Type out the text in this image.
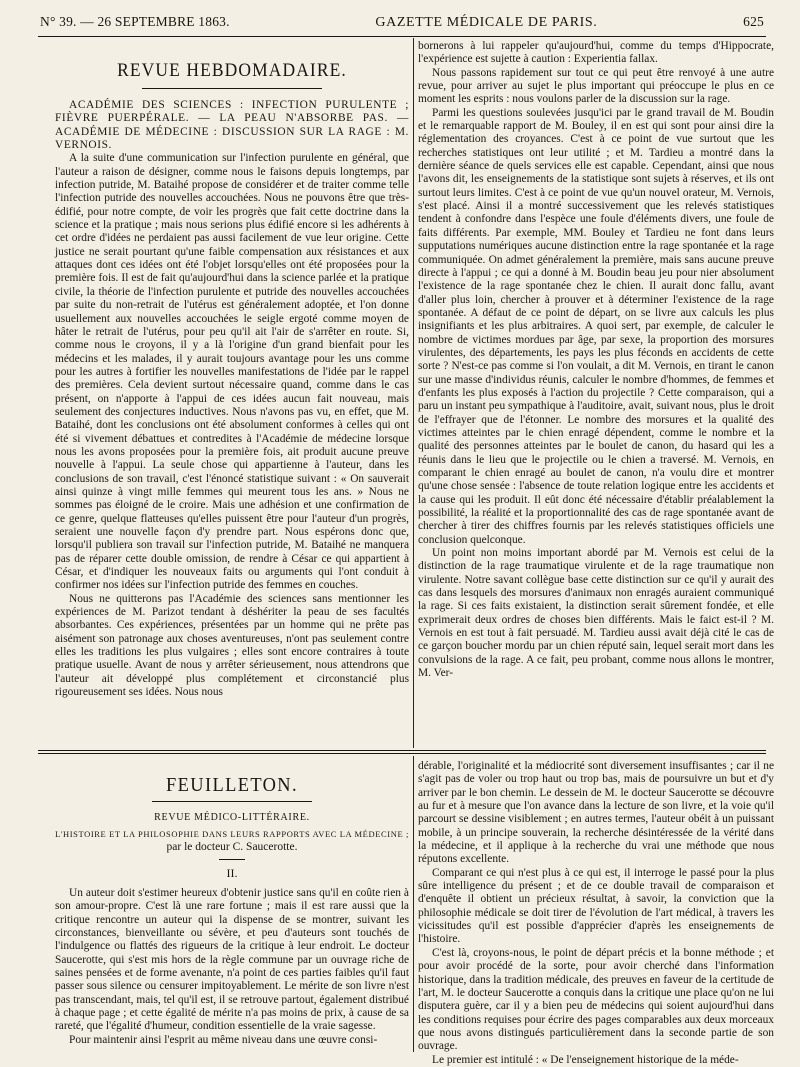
N° 39. — 26 SEPTEMBRE 1863.	GAZETTE MÉDICALE DE PARIS.	625
REVUE HEBDOMADAIRE.

ACADÉMIE DES SCIENCES : INFECTION PURULENTE ; FIÈVRE PUERPÉRALE. — LA PEAU N'ABSORBE PAS. — ACADÉMIE DE MÉDECINE : DISCUSSION SUR LA RAGE : M. VERNOIS.

A la suite d'une communication sur l'infection purulente en général, que l'auteur a raison de désigner, comme nous le faisons depuis longtemps, par infection putride, M. Bataihé propose de considérer et de traiter comme telle l'infection putride des nouvelles accouchées. Nous ne pouvons être que très-édifié, pour notre compte, de voir les progrès que fait cette doctrine dans la science et la pratique ; mais nous serions plus édifié encore si les adhérents à cet ordre d'idées ne perdaient pas aussi facilement de vue leur origine. Cette justice ne serait pourtant qu'une faible compensation aux résistances et aux attaques dont ces idées ont été l'objet lorsqu'elles ont été proposées pour la première fois. Il est de fait qu'aujourd'hui dans la science parlée et la pratique civile, la théorie de l'infection purulente et putride des nouvelles accouchées par suite du non-retrait de l'utérus est généralement adoptée, et l'on donne usuellement aux nouvelles accouchées le seigle ergoté comme moyen de hâter le retrait de l'utérus, pour peu qu'il ait l'air de s'arrêter en route. Si, comme nous le croyons, il y a là l'origine d'un grand bienfait pour les médecins et les malades, il y aurait toujours avantage pour les uns comme pour les autres à fortifier les nouvelles manifestations de l'idée par le rappel des premières. Cela devient surtout nécessaire quand, comme dans le cas présent, on n'apporte à l'appui de ces idées aucun fait nouveau, mais seulement des conjectures inductives. Nous n'avons pas vu, en effet, que M. Bataihé, dont les conclusions ont été absolument conformes à celles qui ont été si vivement débattues et contredites à l'Académie de médecine lorsque nous les avons proposées pour la première fois, ait produit aucune preuve nouvelle à l'appui. La seule chose qui appartienne à l'auteur, dans les conclusions de son travail, c'est l'énoncé statistique suivant : « On sauverait ainsi quinze à vingt mille femmes qui meurent tous les ans. » Nous ne sommes pas éloigné de le croire. Mais une adhésion et une confirmation de ce genre, quelque flatteuses qu'elles puissent être pour l'auteur d'un progrès, seraient une nouvelle façon d'y prendre part. Nous espérons donc que, lorsqu'il publiera son travail sur l'infection putride, M. Bataihé ne manquera pas de réparer cette double omission, de rendre à César ce qui appartient à César, et d'indiquer les nouveaux faits ou arguments qui l'ont conduit à confirmer nos idées sur l'infection putride des femmes en couches.

Nous ne quitterons pas l'Académie des sciences sans mentionner les expériences de M. Parizot tendant à déshériter la peau de ses facultés absorbantes. Ces expériences, présentées par un homme qui ne prête pas aisément son patronage aux choses aventureuses, n'ont pas seulement contre elles les traditions les plus vulgaires ; elles sont encore contraires à toute pratique usuelle. Avant de nous y arrêter sérieusement, nous attendrons que l'auteur ait développé plus complétement et circonstancié plus rigoureusement ses idées. Nous nous

bornerons à lui rappeler qu'aujourd'hui, comme du temps d'Hippocrate, l'expérience est sujette à caution : Experientia fallax.

Nous passons rapidement sur tout ce qui peut être renvoyé à une autre revue, pour arriver au sujet le plus important qui préoccupe le plus en ce moment les esprits : nous voulons parler de la discussion sur la rage.

Parmi les questions soulevées jusqu'ici par le grand travail de M. Boudin et le remarquable rapport de M. Bouley, il en est qui sont pour ainsi dire la réglementation des croyances. C'est à ce point de vue surtout que les recherches statistiques ont leur utilité ; et M. Tardieu a montré dans la dernière séance de quels services elle est capable. Cependant, ainsi que nous l'avons dit, les enseignements de la statistique sont sujets à réserves, et ils ont surtout leurs limites. C'est à ce point de vue qu'un nouvel orateur, M. Vernois, s'est placé. Ainsi il a montré successivement que les relevés statistiques tendent à confondre dans l'espèce une foule d'éléments divers, une foule de faits différents. Par exemple, MM. Bouley et Tardieu ne font dans leurs supputations numériques aucune distinction entre la rage spontanée et la rage communiquée. On admet généralement la première, mais sans aucune preuve directe à l'appui ; ce qui a donné à M. Boudin beau jeu pour nier absolument l'existence de la rage spontanée chez le chien. Il aurait donc fallu, avant d'aller plus loin, chercher à prouver et à déterminer l'existence de la rage spontanée. A défaut de ce point de départ, on se livre aux calculs les plus insignifiants et les plus arbitraires. A quoi sert, par exemple, de calculer le nombre de victimes mordues par âge, par sexe, la proportion des morsures virulentes, des départements, les pays les plus féconds en accidents de cette sorte ? N'est-ce pas comme si l'on voulait, a dit M. Vernois, en tirant le canon sur une masse d'individus réunis, calculer le nombre d'hommes, de femmes et d'enfants les plus exposés à l'action du projectile ? Cette comparaison, qui a paru un instant peu sympathique à l'auditoire, avait, suivant nous, plus le droit de l'effrayer que de l'étonner. Le nombre des morsures et la qualité des victimes atteintes par le chien enragé dépendent, comme le nombre et la qualité des personnes atteintes par le boulet de canon, du hasard qui les a réunis dans le lieu que le projectile ou le chien a traversé. M. Vernois, en comparant le chien enragé au boulet de canon, n'a voulu dire et montrer qu'une chose sensée : l'absence de toute relation logique entre les accidents et la cause qui les produit. Il eût donc été nécessaire d'établir préalablement la possibilité, la réalité et la proportionnalité des cas de rage spontanée avant de chercher à tirer des chiffres fournis par les relevés statistiques officiels une conclusion quelconque.

Un point non moins important abordé par M. Vernois est celui de la distinction de la rage traumatique virulente et de la rage traumatique non virulente. Notre savant collègue base cette distinction sur ce qu'il y aurait des cas dans lesquels des morsures d'animaux non enragés auraient communiqué la rage. Si ces faits existaient, la distinction serait sûrement fondée, et elle exprimerait deux ordres de choses bien différents. Mais le faict est-il ? M. Vernois en est tout à fait persuadé. M. Tardieu aussi avait déjà cité le cas de ce garçon boucher mordu par un chien réputé sain, lequel serait mort dans les convulsions de la rage. A ce fait, peu probant, comme nous allons le montrer, M. Ver-

FEUILLETON.
REVUE MÉDICO-LITTÉRAIRE.
L'HISTOIRE ET LA PHILOSOPHIE DANS LEURS RAPPORTS AVEC LA MÉDECINE ;
par le docteur C. Saucerotte.
II.

Un auteur doit s'estimer heureux d'obtenir justice sans qu'il en coûte rien à son amour-propre. C'est là une rare fortune ; mais il est rare aussi que la critique rencontre un auteur qui la dispense de se montrer, suivant les circonstances, bienveillante ou sévère, et peu d'auteurs sont touchés de l'indulgence ou flattés des rigueurs de la critique à leur endroit. Le docteur Saucerotte, qui s'est mis hors de la règle commune par un ouvrage riche de saines pensées et de forme avenante, n'a point de ces parties faibles qu'il faut passer sous silence ou censurer impitoyablement. Le mérite de son livre n'est pas transcendant, mais, tel qu'il est, il se retrouve partout, également distribué à chaque page ; et cette égalité de mérite n'a pas moins de prix, à cause de sa rareté, que l'égalité d'humeur, condition essentielle de la vraie sagesse.

Pour maintenir ainsi l'esprit au même niveau dans une œuvre consi-

dérable, l'originalité et la médiocrité sont diversement insuffisantes ; car il ne s'agit pas de voler ou trop haut ou trop bas, mais de poursuivre un but et d'y arriver par le bon chemin. Le dessein de M. le docteur Saucerotte se découvre au fur et à mesure que l'on avance dans la lecture de son livre, et la voie qu'il parcourt se dessine visiblement ; en autres termes, l'auteur obéit à un puissant mobile, à un principe souverain, la recherche désintéressée de la vérité dans la médecine, et il applique à la recherche du vrai une méthode que nous réputons excellente.

Comparant ce qui n'est plus à ce qui est, il interroge le passé pour la plus sûre intelligence du présent ; et de ce double travail de comparaison et d'enquête il obtient un précieux résultat, à savoir, la conviction que la philosophie médicale se doit tirer de l'évolution de l'art médical, à travers les vicissitudes qu'il est possible d'apprécier d'après les enseignements de l'histoire.

C'est là, croyons-nous, le point de départ précis et la bonne méthode ; et pour avoir procédé de la sorte, pour avoir cherché dans l'information historique, dans la tradition médicale, des preuves en faveur de la certitude de l'art, M. le docteur Saucerotte a conquis dans la critique une place qu'on ne lui disputera guère, car il y a bien peu de médecins qui soient aujourd'hui dans les conditions requises pour écrire des pages comparables aux deux morceaux que nous avons distingués particulièrement dans la seconde partie de son ouvrage.

Le premier est intitulé : « De l'enseignement historique de la méde-
